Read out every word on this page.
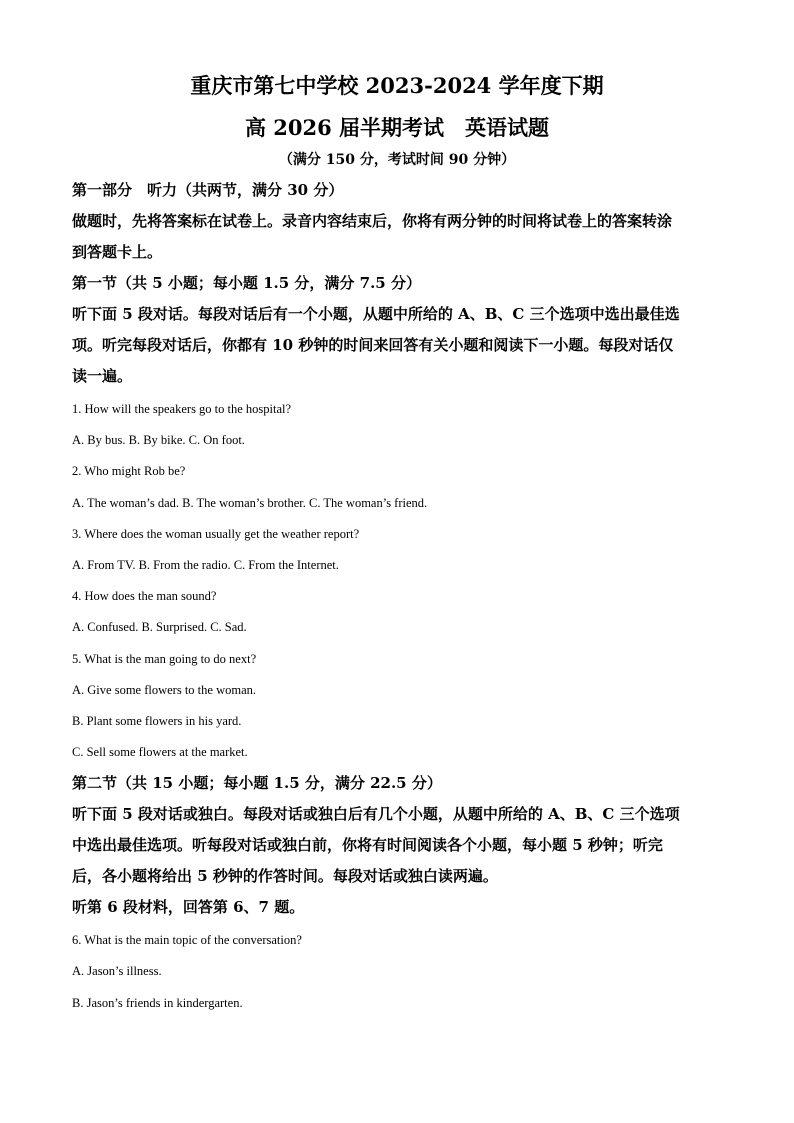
重庆市第七中学校 2023-2024 学年度下期
高 2026 届半期考试　英语试题
（满分 150 分，考试时间 90 分钟）
第一部分　听力（共两节，满分 30 分）
做题时，先将答案标在试卷上。录音内容结束后，你将有两分钟的时间将试卷上的答案转涂
到答题卡上。
第一节（共 5 小题；每小题 1.5 分，满分 7.5 分）
听下面 5 段对话。每段对话后有一个小题，从题中所给的 A、B、C 三个选项中选出最佳选
项。听完每段对话后，你都有 10 秒钟的时间来回答有关小题和阅读下一小题。每段对话仅
读一遍。
1. How will the speakers go to the hospital?
A. By bus. B. By bike. C. On foot.
2. Who might Rob be?
A. The woman’s dad. B. The woman’s brother. C. The woman’s friend.
3. Where does the woman usually get the weather report?
A. From TV. B. From the radio. C. From the Internet.
4. How does the man sound?
A. Confused. B. Surprised. C. Sad.
5. What is the man going to do next?
A. Give some flowers to the woman.
B. Plant some flowers in his yard.
C. Sell some flowers at the market.
第二节（共 15 小题；每小题 1.5 分，满分 22.5 分）
听下面 5 段对话或独白。每段对话或独白后有几个小题，从题中所给的 A、B、C 三个选项
中选出最佳选项。听每段对话或独白前，你将有时间阅读各个小题，每小题 5 秒钟；听完
后，各小题将给出 5 秒钟的作答时间。每段对话或独白读两遍。
听第 6 段材料，回答第 6、7 题。
6. What is the main topic of the conversation?
A. Jason’s illness.
B. Jason’s friends in kindergarten.
